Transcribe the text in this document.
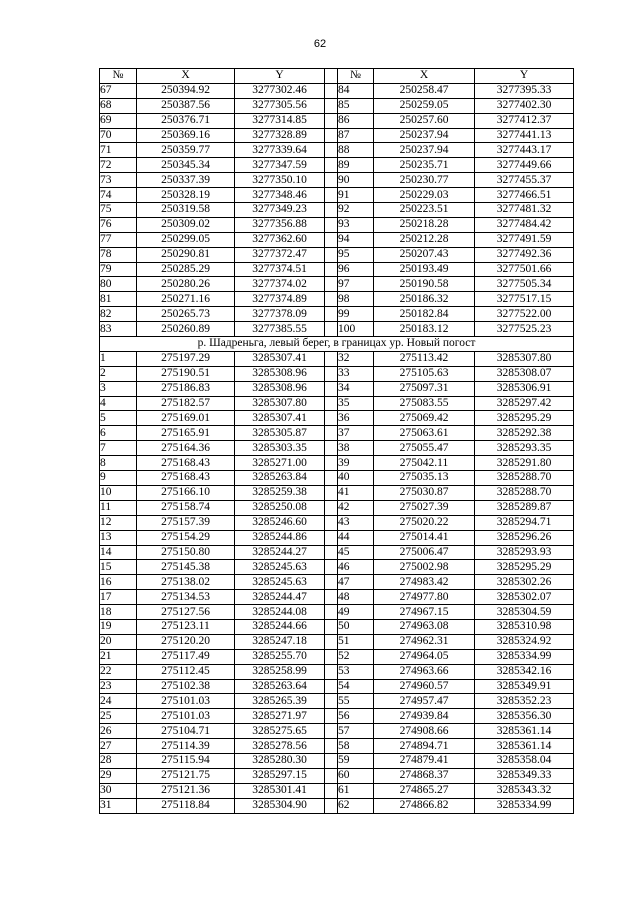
62
№	X	Y		№	X	Y
67	250394.92	3277302.46		84	250258.47	3277395.33
68	250387.56	3277305.56		85	250259.05	3277402.30
69	250376.71	3277314.85		86	250257.60	3277412.37
70	250369.16	3277328.89		87	250237.94	3277441.13
71	250359.77	3277339.64		88	250237.94	3277443.17
72	250345.34	3277347.59		89	250235.71	3277449.66
73	250337.39	3277350.10		90	250230.77	3277455.37
74	250328.19	3277348.46		91	250229.03	3277466.51
75	250319.58	3277349.23		92	250223.51	3277481.32
76	250309.02	3277356.88		93	250218.28	3277484.42
77	250299.05	3277362.60		94	250212.28	3277491.59
78	250290.81	3277372.47		95	250207.43	3277492.36
79	250285.29	3277374.51		96	250193.49	3277501.66
80	250280.26	3277374.02		97	250190.58	3277505.34
81	250271.16	3277374.89		98	250186.32	3277517.15
82	250265.73	3277378.09		99	250182.84	3277522.00
83	250260.89	3277385.55		100	250183.12	3277525.23
р. Шадреньга, левый берег, в границах ур. Новый погост						
1	275197.29	3285307.41		32	275113.42	3285307.80
2	275190.51	3285308.96		33	275105.63	3285308.07
3	275186.83	3285308.96		34	275097.31	3285306.91
4	275182.57	3285307.80		35	275083.55	3285297.42
5	275169.01	3285307.41		36	275069.42	3285295.29
6	275165.91	3285305.87		37	275063.61	3285292.38
7	275164.36	3285303.35		38	275055.47	3285293.35
8	275168.43	3285271.00		39	275042.11	3285291.80
9	275168.43	3285263.84		40	275035.13	3285288.70
10	275166.10	3285259.38		41	275030.87	3285288.70
11	275158.74	3285250.08		42	275027.39	3285289.87
12	275157.39	3285246.60		43	275020.22	3285294.71
13	275154.29	3285244.86		44	275014.41	3285296.26
14	275150.80	3285244.27		45	275006.47	3285293.93
15	275145.38	3285245.63		46	275002.98	3285295.29
16	275138.02	3285245.63		47	274983.42	3285302.26
17	275134.53	3285244.47		48	274977.80	3285302.07
18	275127.56	3285244.08		49	274967.15	3285304.59
19	275123.11	3285244.66		50	274963.08	3285310.98
20	275120.20	3285247.18		51	274962.31	3285324.92
21	275117.49	3285255.70		52	274964.05	3285334.99
22	275112.45	3285258.99		53	274963.66	3285342.16
23	275102.38	3285263.64		54	274960.57	3285349.91
24	275101.03	3285265.39		55	274957.47	3285352.23
25	275101.03	3285271.97		56	274939.84	3285356.30
26	275104.71	3285275.65		57	274908.66	3285361.14
27	275114.39	3285278.56		58	274894.71	3285361.14
28	275115.94	3285280.30		59	274879.41	3285358.04
29	275121.75	3285297.15		60	274868.37	3285349.33
30	275121.36	3285301.41		61	274865.27	3285343.32
31	275118.84	3285304.90		62	274866.82	3285334.99
